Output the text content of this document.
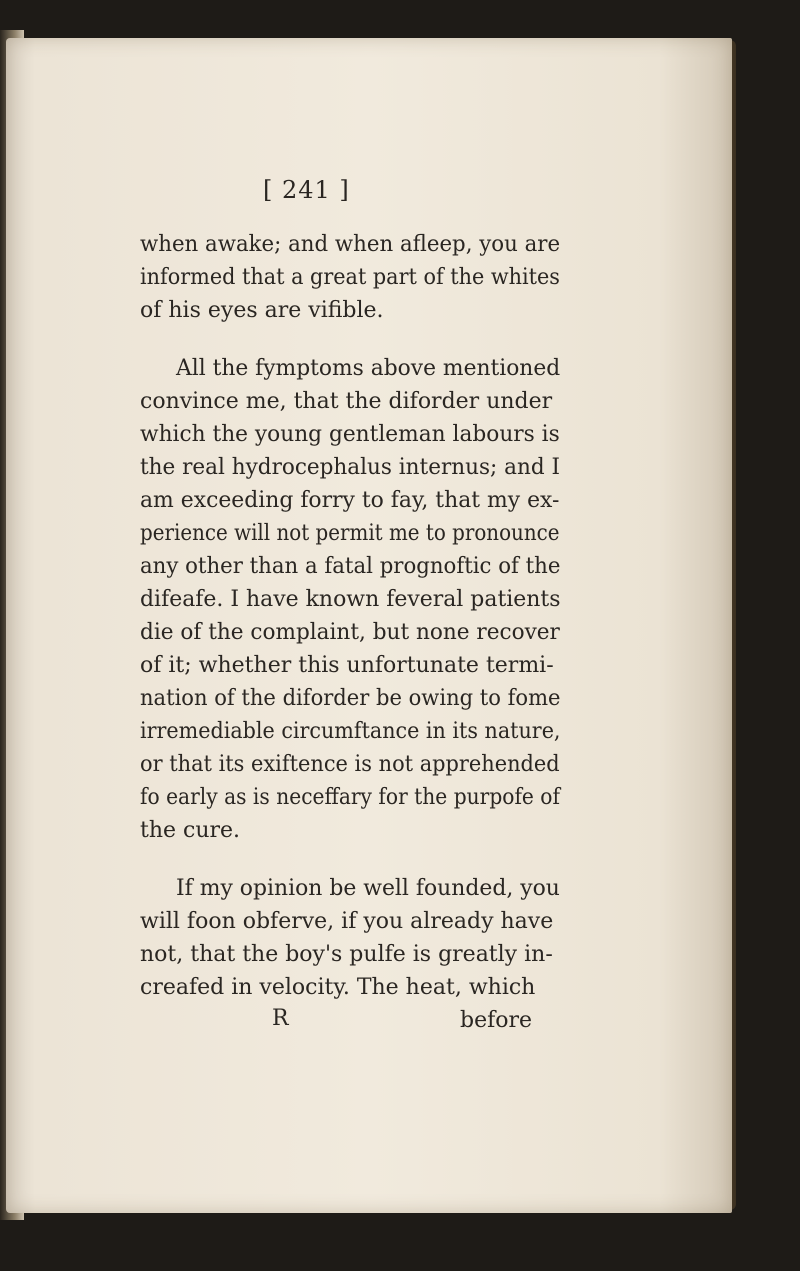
[ 241 ]
when awake; and when afleep, you are
informed that a great part of the whites
of his eyes are vifible.
All the fymptoms above mentioned
convince me, that the diforder under
which the young gentleman labours is
the real hydrocephalus internus; and I
am exceeding forry to fay, that my ex-
perience will not permit me to pronounce
any other than a fatal prognoftic of the
difeafe. I have known feveral patients
die of the complaint, but none recover
of it; whether this unfortunate termi-
nation of the diforder be owing to fome
irremediable circumftance in its nature,
or that its exiftence is not apprehended
fo early as is neceffary for the purpofe of
the cure.
If my opinion be well founded, you
will foon obferve, if you already have
not, that the boy's pulfe is greatly in-
creafed in velocity. The heat, which
R	before
